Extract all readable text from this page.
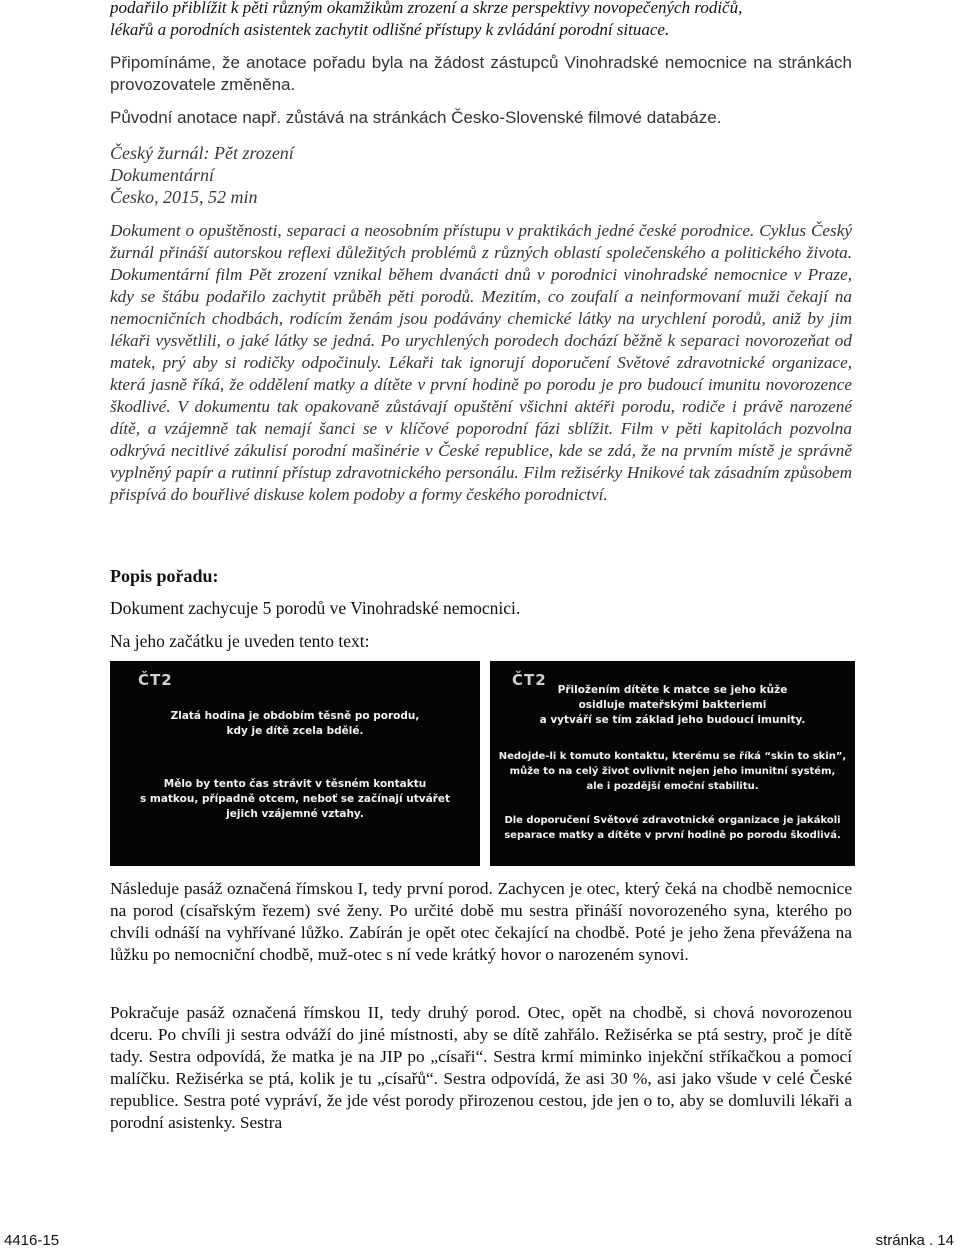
podařilo přiblížit k pěti různým okamžikům zrození a skrze perspektivy novopečených rodičů,

lékařů a porodních asistentek zachytit odlišné přístupy k zvládání porodní situace.

Připomínáme, že anotace pořadu byla na žádost zástupců Vinohradské nemocnice na stránkách provozovatele změněna.

Původní anotace např. zůstává na stránkách Česko-Slovenské filmové databáze.

Český žurnál: Pět zrození

Dokumentární

Česko, 2015, 52 min

Dokument o opuštěnosti, separaci a neosobním přístupu v praktikách jedné české porodnice. Cyklus Český žurnál přináší autorskou reflexi důležitých problémů z různých oblastí společenského a politického života. Dokumentární film Pět zrození vznikal během dvanácti dnů v porodnici vinohradské nemocnice v Praze, kdy se štábu podařilo zachytit průběh pěti porodů. Mezitím, co zoufalí a neinformovaní muži čekají na nemocničních chodbách, rodícím ženám jsou podávány chemické látky na urychlení porodů, aniž by jim lékaři vysvětlili, o jaké látky se jedná. Po urychlených porodech dochází běžně k separaci novorozeňat od matek, prý aby si rodičky odpočinuly. Lékaři tak ignorují doporučení Světové zdravotnické organizace, která jasně říká, že oddělení matky a dítěte v první hodině po porodu je pro budoucí imunitu novorozence škodlivé. V dokumentu tak opakovaně zůstávají opuštění všichni aktéři porodu, rodiče i právě narozené dítě, a vzájemně tak nemají šanci se v klíčové poporodní fázi sblížit. Film v pěti kapitolách pozvolna odkrývá necitlivé zákulisí porodní mašinérie v České republice, kde se zdá, že na prvním místě je správně vyplněný papír a rutinní přístup zdravotnického personálu. Film režisérky Hnikové tak zásadním způsobem přispívá do bouřlivé diskuse kolem podoby a formy českého porodnictví.

Popis pořadu:

Dokument zachycuje 5 porodů ve Vinohradské nemocnici.

Na jeho začátku je uveden tento text:

ČT2
Zlatá hodina je obdobím těsně po porodu,
kdy je dítě zcela bdělé.
Mělo by tento čas strávit v těsném kontaktu
s matkou, případně otcem, neboť se začínají utvářet
jejich vzájemné vztahy.
ČT2
Přiložením dítěte k matce se jeho kůže
osidluje mateřskými bakteriemi
a vytváří se tím základ jeho budoucí imunity.
Nedojde-li k tomuto kontaktu, kterému se říká “skin to skin”,
může to na celý život ovlivnit nejen jeho imunitní systém,
ale i pozdější emoční stabilitu.
Dle doporučení Světové zdravotnické organizace je jakákoli
separace matky a dítěte v první hodině po porodu škodlivá.

Následuje pasáž označená římskou I, tedy první porod. Zachycen je otec, který čeká na chodbě nemocnice na porod (císařským řezem) své ženy. Po určité době mu sestra přináší novorozeného syna, kterého po chvíli odnáší na vyhřívané lůžko. Zabírán je opět otec čekající na chodbě. Poté je jeho žena převážena na lůžku po nemocniční chodbě, muž-otec s ní vede krátký hovor o narozeném synovi.

Pokračuje pasáž označená římskou II, tedy druhý porod. Otec, opět na chodbě, si chová novorozenou dceru. Po chvíli ji sestra odváží do jiné místnosti, aby se dítě zahřálo. Režisérka se ptá sestry, proč je dítě tady. Sestra odpovídá, že matka je na JIP po „císaři“. Sestra krmí miminko injekční stříkačkou a pomocí malíčku. Režisérka se ptá, kolik je tu „císařů“. Sestra odpovídá, že asi 30 %, asi jako všude v celé České republice. Sestra poté vypráví, že jde vést porody přirozenou cestou, jde jen o to, aby se domluvili lékaři a porodní asistenky. Sestra

4416-15	stránka . 14
